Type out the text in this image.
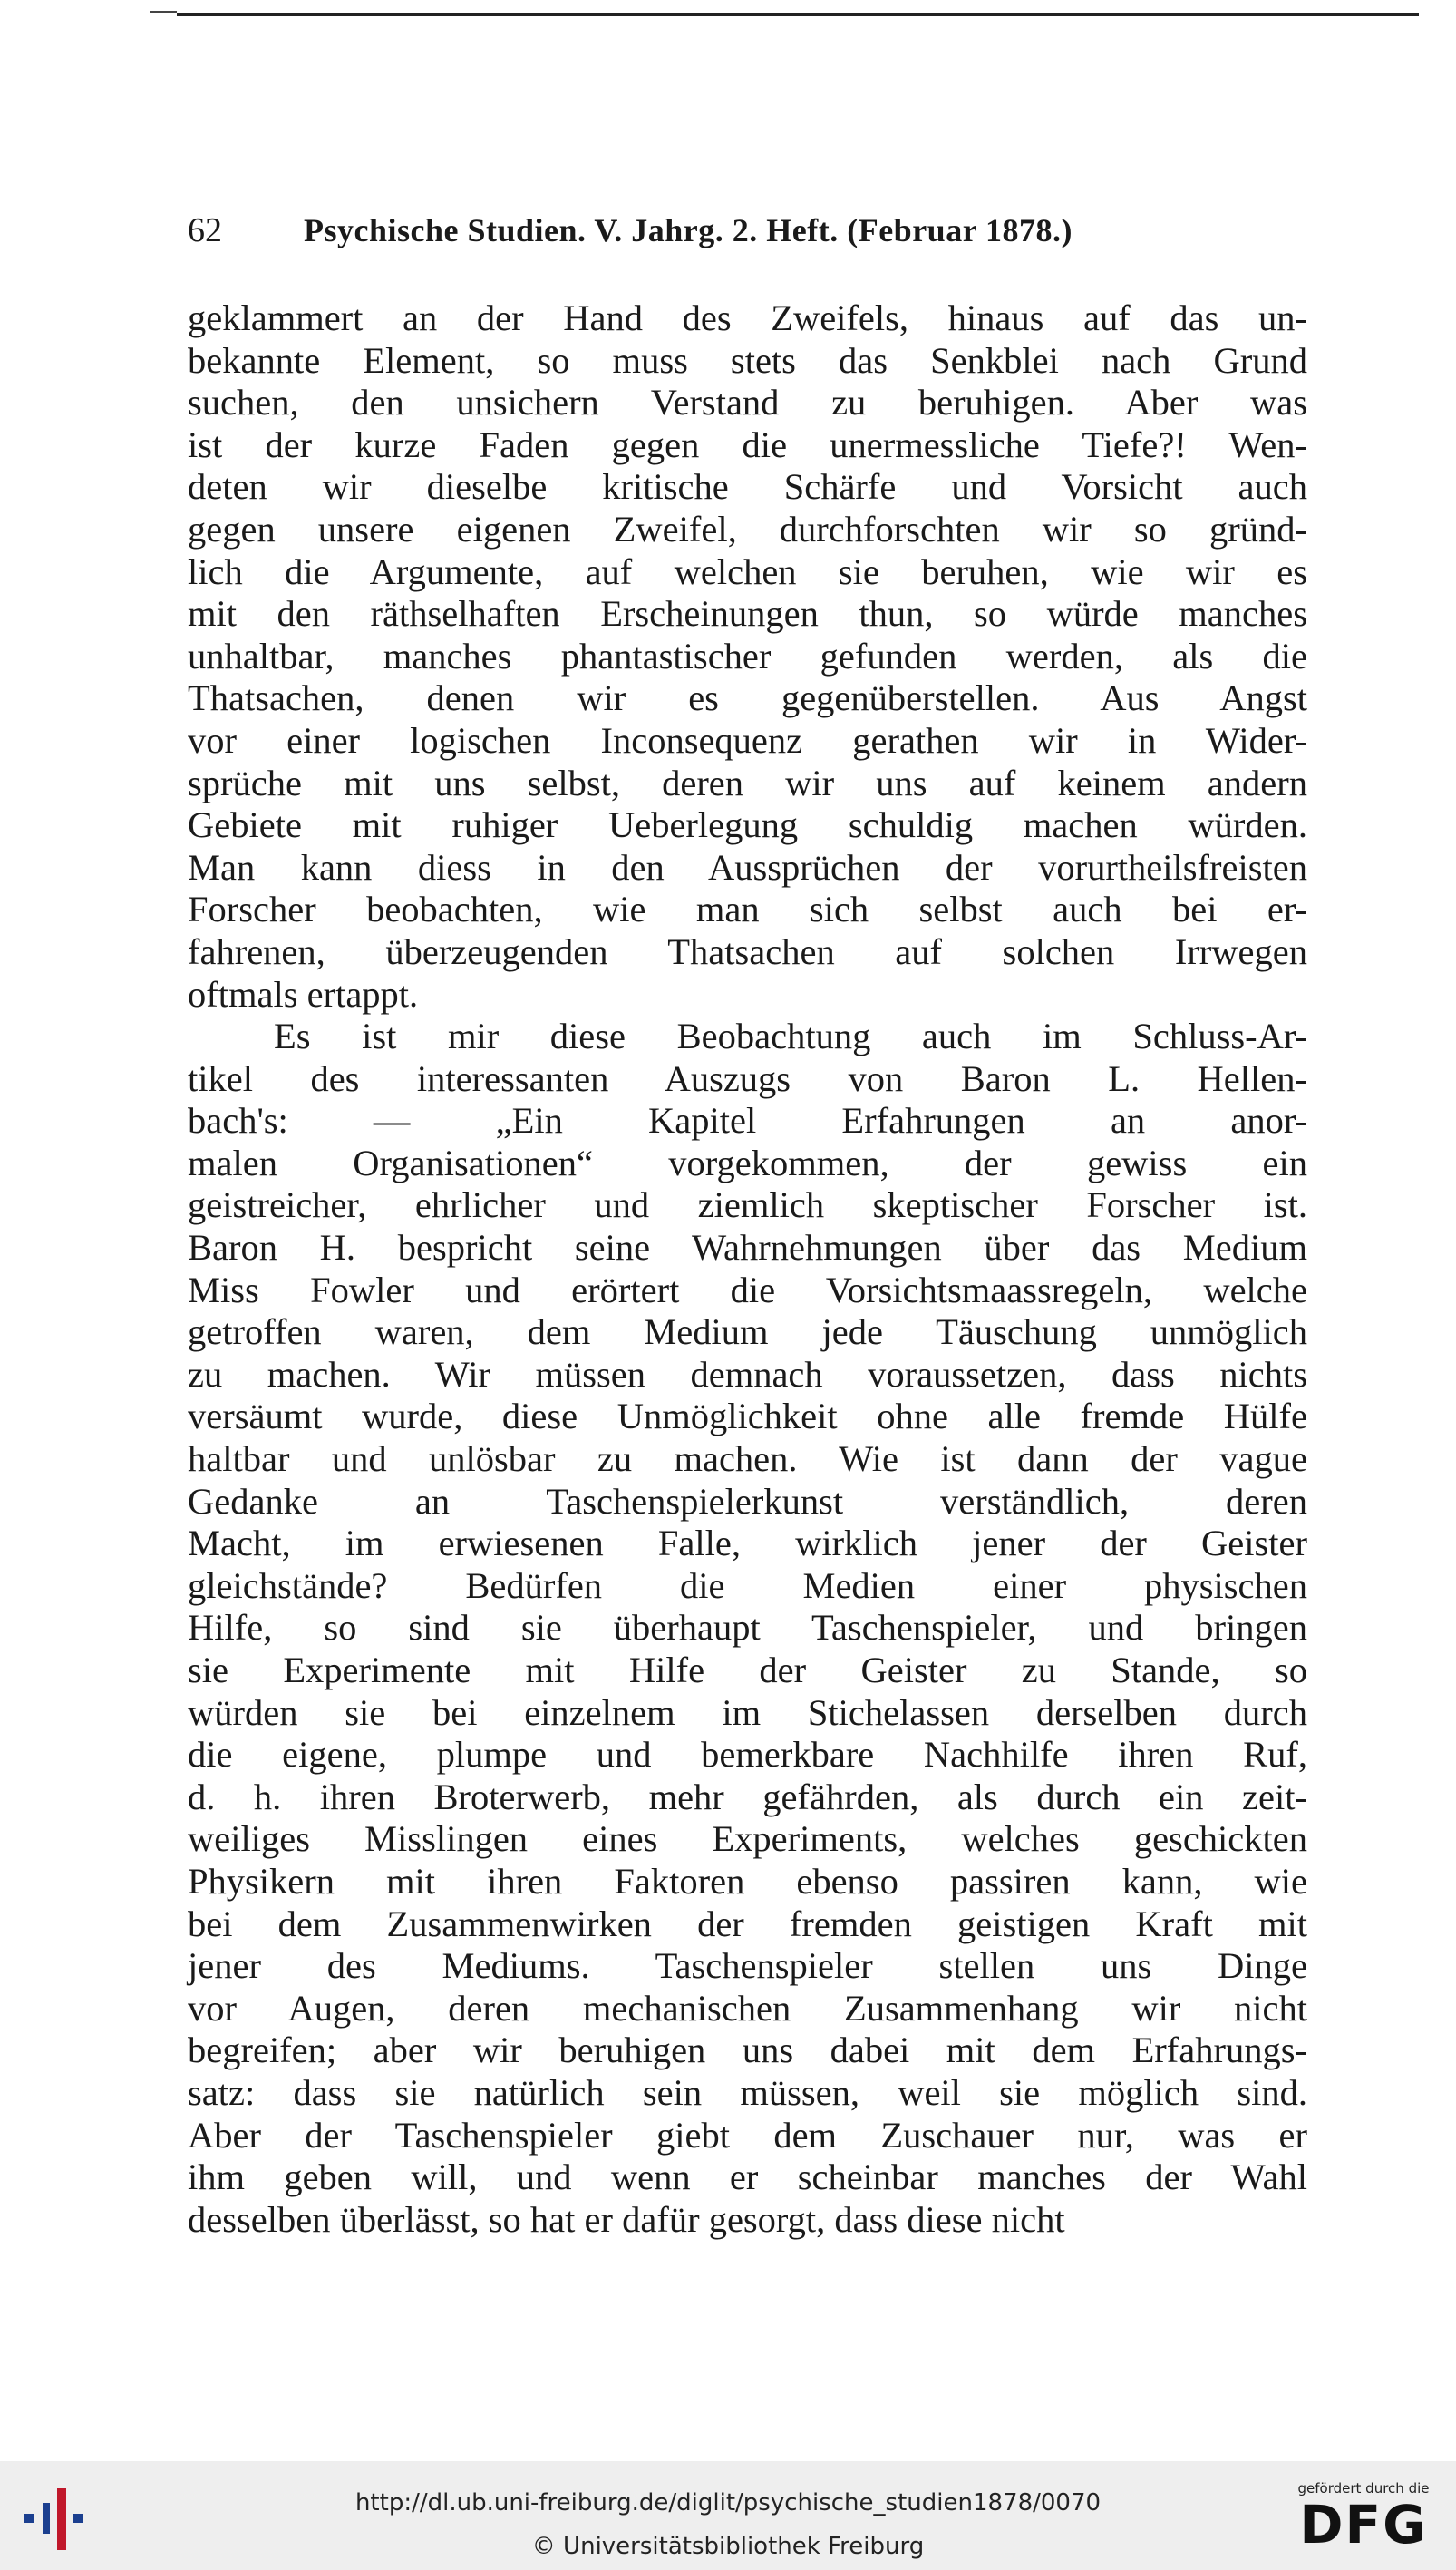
62	Psychische Studien. V. Jahrg. 2. Heft. (Februar 1878.)
geklammert an der Hand des Zweifels, hinaus auf das un-
bekannte Element, so muss stets das Senkblei nach Grund
suchen, den unsichern Verstand zu beruhigen. Aber was
ist der kurze Faden gegen die unermessliche Tiefe?! Wen-
deten wir dieselbe kritische Schärfe und Vorsicht auch
gegen unsere eigenen Zweifel, durchforschten wir so gründ-
lich die Argumente, auf welchen sie beruhen, wie wir es
mit den räthselhaften Erscheinungen thun, so würde manches
unhaltbar, manches phantastischer gefunden werden, als die
Thatsachen, denen wir es gegenüberstellen. Aus Angst
vor einer logischen Inconsequenz gerathen wir in Wider-
sprüche mit uns selbst, deren wir uns auf keinem andern
Gebiete mit ruhiger Ueberlegung schuldig machen würden.
Man kann diess in den Aussprüchen der vorurtheilsfreisten
Forscher beobachten, wie man sich selbst auch bei er-
fahrenen, überzeugenden Thatsachen auf solchen Irrwegen
oftmals ertappt.
Es ist mir diese Beobachtung auch im Schluss-Ar-
tikel des interessanten Auszugs von Baron L. Hellen-
bach's: — „Ein Kapitel Erfahrungen an anor-
malen Organisationen“ vorgekommen, der gewiss ein
geistreicher, ehrlicher und ziemlich skeptischer Forscher ist.
Baron H. bespricht seine Wahrnehmungen über das Medium
Miss Fowler und erörtert die Vorsichtsmaassregeln, welche
getroffen waren, dem Medium jede Täuschung unmöglich
zu machen. Wir müssen demnach voraussetzen, dass nichts
versäumt wurde, diese Unmöglichkeit ohne alle fremde Hülfe
haltbar und unlösbar zu machen. Wie ist dann der vague
Gedanke an Taschenspielerkunst verständlich, deren
Macht, im erwiesenen Falle, wirklich jener der Geister
gleichstände? Bedürfen die Medien einer physischen
Hilfe, so sind sie überhaupt Taschenspieler, und bringen
sie Experimente mit Hilfe der Geister zu Stande, so
würden sie bei einzelnem im Stichelassen derselben durch
die eigene, plumpe und bemerkbare Nachhilfe ihren Ruf,
d. h. ihren Broterwerb, mehr gefährden, als durch ein zeit-
weiliges Misslingen eines Experiments, welches geschickten
Physikern mit ihren Faktoren ebenso passiren kann, wie
bei dem Zusammenwirken der fremden geistigen Kraft mit
jener des Mediums. Taschenspieler stellen uns Dinge
vor Augen, deren mechanischen Zusammenhang wir nicht
begreifen; aber wir beruhigen uns dabei mit dem Erfahrungs-
satz: dass sie natürlich sein müssen, weil sie möglich sind.
Aber der Taschenspieler giebt dem Zuschauer nur, was er
ihm geben will, und wenn er scheinbar manches der Wahl
desselben überlässt, so hat er dafür gesorgt, dass diese nicht
http://dl.ub.uni-freiburg.de/diglit/psychische_studien1878/0070
© Universitätsbibliothek Freiburg
gefördert durch die
DFG
